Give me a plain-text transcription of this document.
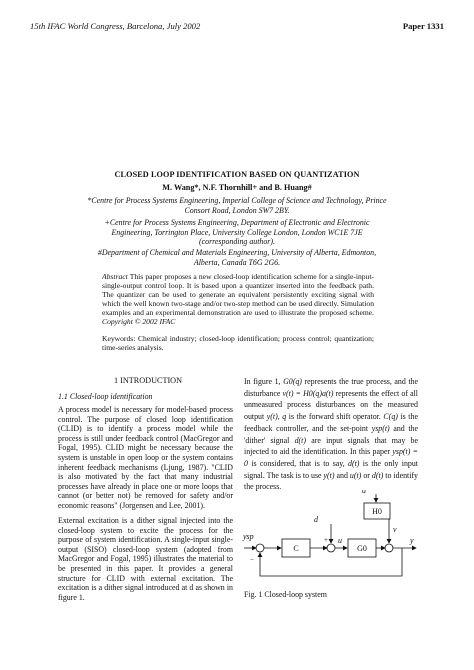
15th IFAC World Congress, Barcelona, July 2002	Paper 1331
CLOSED LOOP IDENTIFICATION BASED ON QUANTIZATION
M. Wang*, N.F. Thornhill+ and B. Huang#
*Centre for Process Systems Engineering, Imperial College of Science and Technology, Prince Consort Road, London SW7 2BY.
+Centre for Process Systems Engineering, Department of Electronic and Electronic Engineering, Torrington Place, University College London, London WC1E 7JE (corresponding author).
#Department of Chemical and Materials Engineering, University of Alberta, Edmonton, Alberta, Canada T6G 2G6.
Abstract This paper proposes a new closed-loop identification scheme for a single-input-single-output control loop. It is based upon a quantizer inserted into the feedback path. The quantizer can be used to generate an equivalent persistently exciting signal with which the well known two-stage and/or two-step method can be used directly. Simulation examples and an experimental demonstration are used to illustrate the proposed scheme. Copyright © 2002 IFAC
Keywords: Chemical industry; closed-loop identification; process control; quantization; time-series analysis.
1 INTRODUCTION
1.1 Closed-loop identification
A process model is necessary for model-based process control. The purpose of closed loop identification (CLID) is to identify a process model while the process is still under feedback control (MacGregor and Fogal, 1995). CLID might be necessary because the system is unstable in open loop or the system contains inherent feedback mechanisms (Ljung, 1987). "CLID is also motivated by the fact that many industrial processes have already in place one or more loops that cannot (or better not) be removed for safety and/or economic reasons" (Jorgensen and Lee, 2001).
External excitation is a dither signal injected into the closed-loop system to excite the process for the purpose of system identification. A single-input single-output (SISO) closed-loop system (adopted from MacGregor and Fogal, 1995) illustrates the material to be presented in this paper. It provides a general structure for CLID with external excitation. The excitation is a dither signal introduced at d as shown in figure 1.
In figure 1, G0(q) represents the true process, and the disturbance v(t) = H0(q)a(t) represents the effect of all unmeasured process disturbances on the measured output y(t), q is the forward shift operator. C(q) is the feedback controller, and the set-point ysp(t) and the 'dither' signal d(t) are input signals that may be injected to aid the identification. In this paper ysp(t) = 0 is considered, that is to say, d(t) is the only input signal. The task is to use y(t) and u(t) or d(t) to identify the process.
C	G0
H0
ysp
d
u
a
v
y
−
+
Fig. 1 Closed-loop system
